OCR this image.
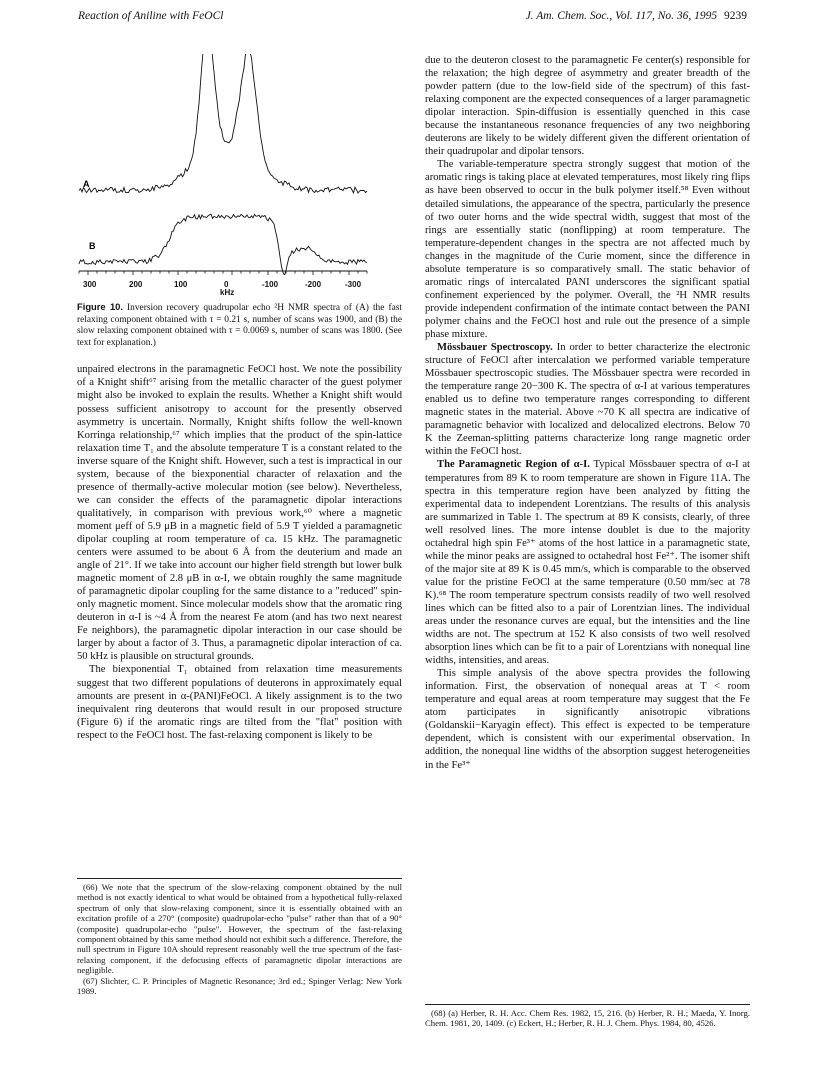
Reaction of Aniline with FeOCl	J. Am. Chem. Soc., Vol. 117, No. 36, 1995 9239
A
B
300	200	100	0	-100	-200	-300
kHz
Figure 10. Inversion recovery quadrupolar echo ²H NMR spectra of (A) the fast relaxing component obtained with τ = 0.21 s, number of scans was 1900, and (B) the slow relaxing component obtained with τ = 0.0069 s, number of scans was 1800. (See text for explanation.)

unpaired electrons in the paramagnetic FeOCl host. We note the possibility of a Knight shift⁶⁷ arising from the metallic character of the guest polymer might also be invoked to explain the results. Whether a Knight shift would possess sufficient anisotropy to account for the presently observed asymmetry is uncertain. Normally, Knight shifts follow the well-known Korringa relationship,⁶⁷ which implies that the product of the spin-lattice relaxation time T₁ and the absolute temperature T is a constant related to the inverse square of the Knight shift. However, such a test is impractical in our system, because of the biexponential character of relaxation and the presence of thermally-active molecular motion (see below). Nevertheless, we can consider the effects of the paramagnetic dipolar interactions qualitatively, in comparison with previous work,⁶⁰ where a magnetic moment μeff of 5.9 μB in a magnetic field of 5.9 T yielded a paramagnetic dipolar coupling at room temperature of ca. 15 kHz. The paramagnetic centers were assumed to be about 6 Å from the deuterium and made an angle of 21°. If we take into account our higher field strength but lower bulk magnetic moment of 2.8 μB in α-I, we obtain roughly the same magnitude of paramagnetic dipolar coupling for the same distance to a "reduced" spin-only magnetic moment. Since molecular models show that the aromatic ring deuteron in α-I is ~4 Å from the nearest Fe atom (and has two next nearest Fe neighbors), the paramagnetic dipolar interaction in our case should be larger by about a factor of 3. Thus, a paramagnetic dipolar interaction of ca. 50 kHz is plausible on structural grounds.

The biexponential T₁ obtained from relaxation time measurements suggest that two different populations of deuterons in approximately equal amounts are present in α-(PANI)FeOCl. A likely assignment is to the two inequivalent ring deuterons that would result in our proposed structure (Figure 6) if the aromatic rings are tilted from the "flat" position with respect to the FeOCl host. The fast-relaxing component is likely to be

(66) We note that the spectrum of the slow-relaxing component obtained by the null method is not exactly identical to what would be obtained from a hypothetical fully-relaxed spectrum of only that slow-relaxing component, since it is essentially obtained with an excitation profile of a 270° (composite) quadrupolar-echo "pulse" rather than that of a 90° (composite) quadrupolar-echo "pulse". However, the spectrum of the fast-relaxing component obtained by this same method should not exhibit such a difference. Therefore, the null spectrum in Figure 10A should represent reasonably well the true spectrum of the fast-relaxing component, if the defocusing effects of paramagnetic dipolar interactions are negligible.

(67) Slichter, C. P. Principles of Magnetic Resonance; 3rd ed.; Spinger Verlag: New York 1989.

due to the deuteron closest to the paramagnetic Fe center(s) responsible for the relaxation; the high degree of asymmetry and greater breadth of the powder pattern (due to the low-field side of the spectrum) of this fast-relaxing component are the expected consequences of a larger paramagnetic dipolar interaction. Spin-diffusion is essentially quenched in this case because the instantaneous resonance frequencies of any two neighboring deuterons are likely to be widely different given the different orientation of their quadrupolar and dipolar tensors.

The variable-temperature spectra strongly suggest that motion of the aromatic rings is taking place at elevated temperatures, most likely ring flips as have been observed to occur in the bulk polymer itself.⁵⁸ Even without detailed simulations, the appearance of the spectra, particularly the presence of two outer horns and the wide spectral width, suggest that most of the rings are essentially static (nonflipping) at room temperature. The temperature-dependent changes in the spectra are not affected much by changes in the magnitude of the Curie moment, since the difference in absolute temperature is so comparatively small. The static behavior of aromatic rings of intercalated PANI underscores the significant spatial confinement experienced by the polymer. Overall, the ²H NMR results provide independent confirmation of the intimate contact between the PANI polymer chains and the FeOCl host and rule out the presence of a simple phase mixture.

Mössbauer Spectroscopy. In order to better characterize the electronic structure of FeOCl after intercalation we performed variable temperature Mössbauer spectroscopic studies. The Mössbauer spectra were recorded in the temperature range 20−300 K. The spectra of α-I at various temperatures enabled us to define two temperature ranges corresponding to different magnetic states in the material. Above ~70 K all spectra are indicative of paramagnetic behavior with localized and delocalized electrons. Below 70 K the Zeeman-splitting patterns characterize long range magnetic order within the FeOCl host.

The Paramagnetic Region of α-I. Typical Mössbauer spectra of α-I at temperatures from 89 K to room temperature are shown in Figure 11A. The spectra in this temperature region have been analyzed by fitting the experimental data to independent Lorentzians. The results of this analysis are summarized in Table 1. The spectrum at 89 K consists, clearly, of three well resolved lines. The more intense doublet is due to the majority octahedral high spin Fe³⁺ atoms of the host lattice in a paramagnetic state, while the minor peaks are assigned to octahedral host Fe²⁺. The isomer shift of the major site at 89 K is 0.45 mm/s, which is comparable to the observed value for the pristine FeOCl at the same temperature (0.50 mm/sec at 78 K).⁶⁸ The room temperature spectrum consists readily of two well resolved lines which can be fitted also to a pair of Lorentzian lines. The individual areas under the resonance curves are equal, but the intensities and the line widths are not. The spectrum at 152 K also consists of two well resolved absorption lines which can be fit to a pair of Lorentzians with nonequal line widths, intensities, and areas.

This simple analysis of the above spectra provides the following information. First, the observation of nonequal areas at T < room temperature and equal areas at room temperature may suggest that the Fe atom participates in significantly anisotropic vibrations (Goldanskii−Karyagin effect). This effect is expected to be temperature dependent, which is consistent with our experimental observation. In addition, the nonequal line widths of the absorption suggest heterogeneities in the Fe³⁺

(68) (a) Herber, R. H. Acc. Chem Res. 1982, 15, 216. (b) Herber, R. H.; Maeda, Y. Inorg. Chem. 1981, 20, 1409. (c) Eckert, H.; Herber, R. H. J. Chem. Phys. 1984, 80, 4526.
